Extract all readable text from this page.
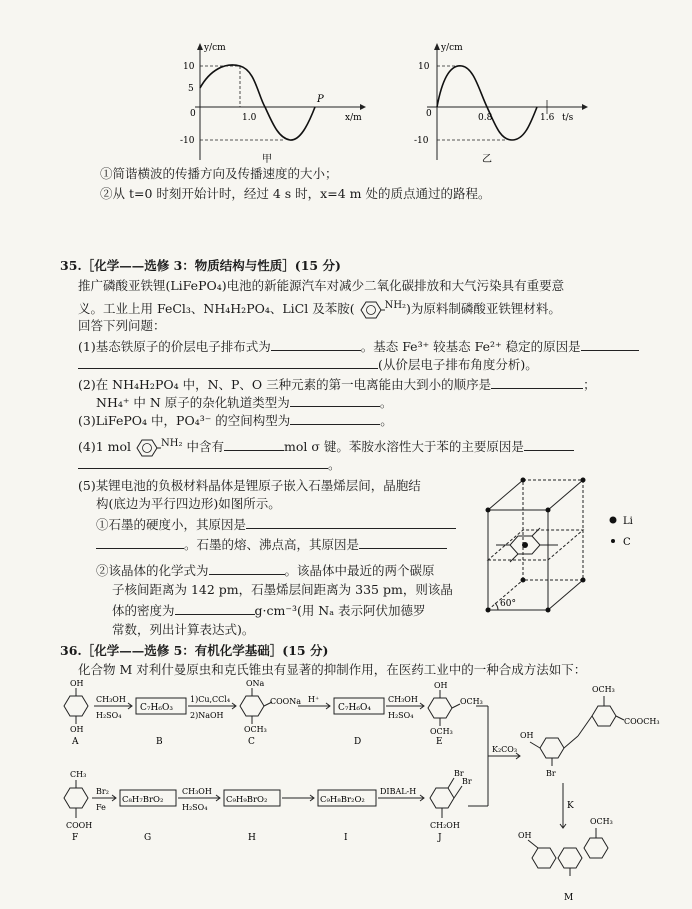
y/cm
x/m
10
5
0
-10
1.0
P
甲
y/cm
t/s
10
0
-10
0.8	1.6
乙
①简谐横波的传播方向及传播速度的大小；
②从 t=0 时刻开始计时，经过 4 s 时，x=4 m 处的质点通过的路程。
35.［化学——选修 3：物质结构与性质］(15 分)
推广磷酸亚铁锂(LiFePO₄)电池的新能源汽车对减少二氧化碳排放和大气污染具有重要意
义。工业上用 FeCl₃、NH₄H₂PO₄、LiCl 及苯胺(	$^{NH_2}$)为原料制磷酸亚铁锂材料。
回答下列问题：
(1)基态铁原子的价层电子排布式为	。基态 Fe³⁺ 较基态 Fe²⁺ 稳定的原因是
(从价层电子排布角度分析)。
(2)在 NH₄H₂PO₄ 中，N、P、O 三种元素的第一电离能由大到小的顺序是	；
NH₄⁺ 中 N 原子的杂化轨道类型为	。
(3)LiFePO₄ 中，PO₄³⁻ 的空间构型为	。
(4)1 mol	$^{NH_2}$ 中含有	mol σ 键。苯胺水溶性大于苯的主要原因是
。
(5)某锂电池的负极材料晶体是锂原子嵌入石墨烯层间，晶胞结
构(底边为平行四边形)如图所示。
①石墨的硬度小，其原因是
。石墨的熔、沸点高，其原因是
②该晶体的化学式为	。该晶体中最近的两个碳原
子核间距离为 142 pm，石墨烯层间距离为 335 pm，则该晶
体的密度为	g·cm⁻³(用 Nₐ 表示阿伏加德罗
常数，列出计算表达式)。
Li
C
60°
36.［化学——选修 5：有机化学基础］(15 分)
化合物 M 对利什曼原虫和克氏锥虫有显著的抑制作用，在医药工业中的一种合成方法如下：
OH
OH
ONa
COONa
OCH₃
OH
OCH₃
OCH₃
CH₃
COOH
Br
Br
CH₂OH
OCH₃
COOCH₃
OH
Br
OH
OCH₃
C₇H₆O₃	C₇H₆O₄
C₈H₇BrO₂	C₉H₉BrO₂	C₉H₈Br₂O₂
CH₃OH
H₂SO₄
1)Cu,CCl₄
2)NaOH
H⁺	CH₃OH
H₂SO₄
Br₂
Fe
CH₃OH
H₂SO₄
DIBAL-H
K₂CO₃
K
A	B	C	D	E
F	G	H	I	J
M
